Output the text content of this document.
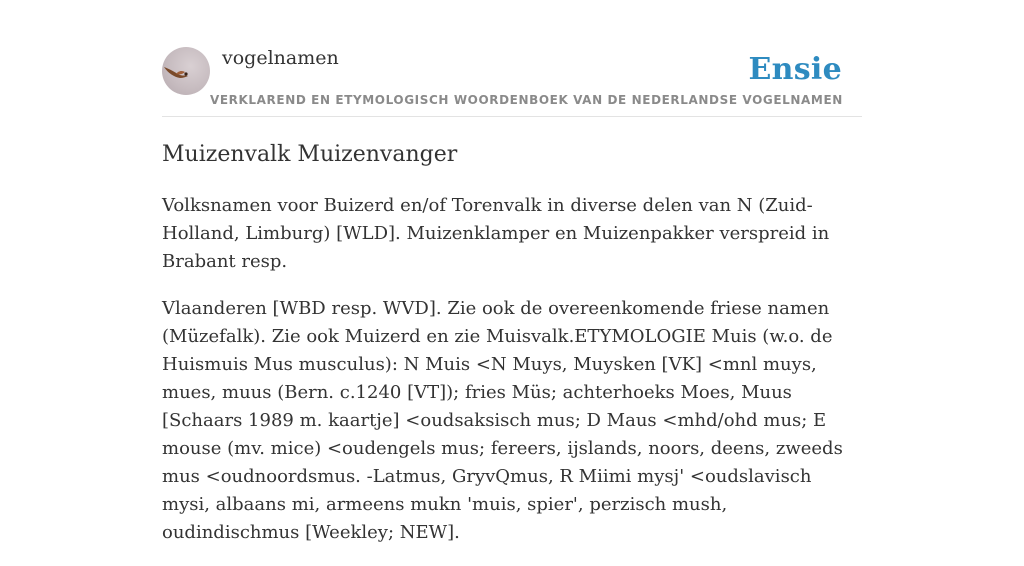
vogelnamen
VERKLAREND EN ETYMOLOGISCH WOORDENBOEK VAN DE NEDERLANDSE VOGELNAMEN
Ensie
Muizenvalk Muizenvanger

Volksnamen voor Buizerd en/of Torenvalk in diverse delen van N (Zuid-Holland, Limburg) [WLD]. Muizenklamper en Muizenpakker verspreid in Brabant resp.

Vlaanderen [WBD resp. WVD]. Zie ook de overeenkomende friese namen (Müzefalk). Zie ook Muizerd en zie Muisvalk.ETYMOLOGIE Muis (w.o. de Huismuis Mus musculus): N Muis <N Muys, Muysken [VK] <mnl muys, mues, muus (Bern. c.1240 [VT]); fries Müs; achterhoeks Moes, Muus [Schaars 1989 m. kaartje] <oudsaksisch mus; D Maus <mhd/ohd mus; E mouse (mv. mice) <oudengels mus; fereers, ijslands, noors, deens, zweeds mus <oudnoordsmus. -Latmus, GryvQmus, R Miimi mysj' <oudslavisch mysi, albaans mi, armeens mukn 'muis, spier', perzisch mush, oudindischmus [Weekley; NEW].
